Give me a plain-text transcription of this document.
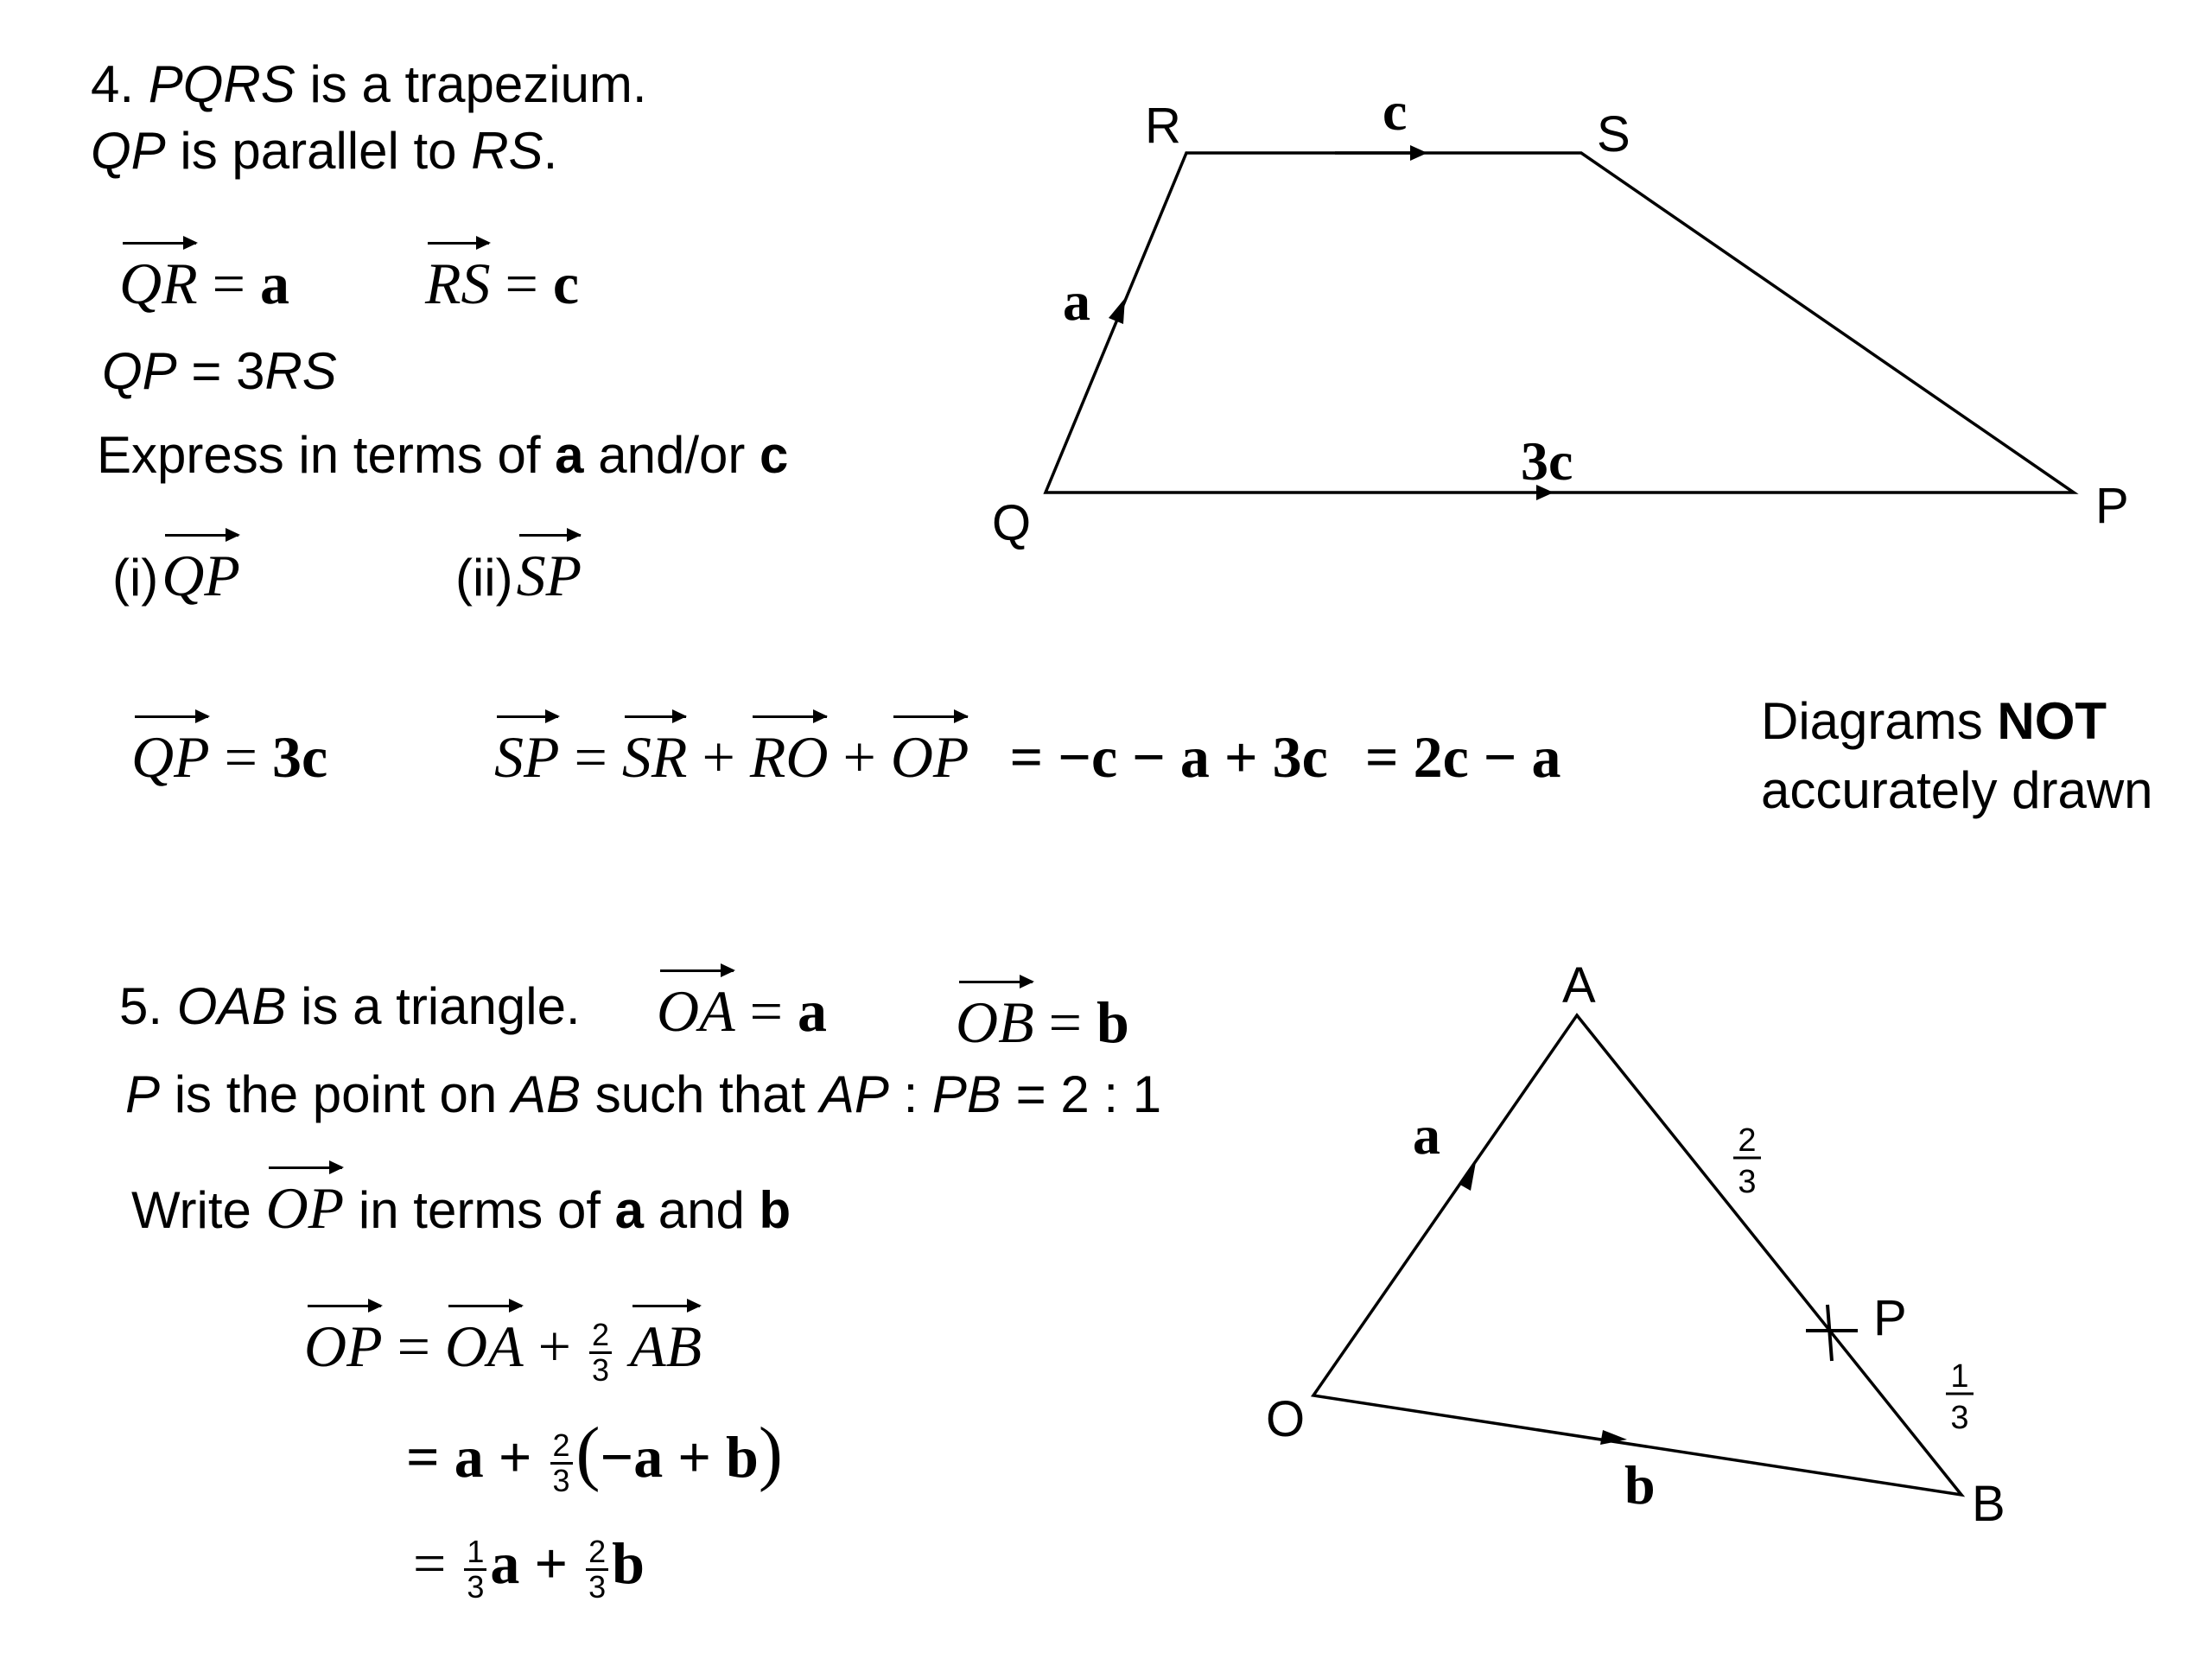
4. PQRS is a trapezium.
QP is parallel to RS.
QR = a RS = c
QP = 3RS
Express in terms of a and/or c
(i) QP	(ii) SP
QP = 3c	SP = SR + RO + OP = −c − a + 3c = 2c − a
Diagrams NOT
accurately drawn
5. OAB is a triangle. OA = a OB = b
P is the point on AB such that AP : PB = 2 : 1
Write OP in terms of a and b
OP = OA + $\frac{2}{3}$ AB
= $a + \frac{2}{3} (-a + b)$
= $\frac{1}{3}$ $a + \frac{2}{3}$ b
R	S
Q	P
c
a
3c
A
O
B
P
a
b
2
3
1
3
